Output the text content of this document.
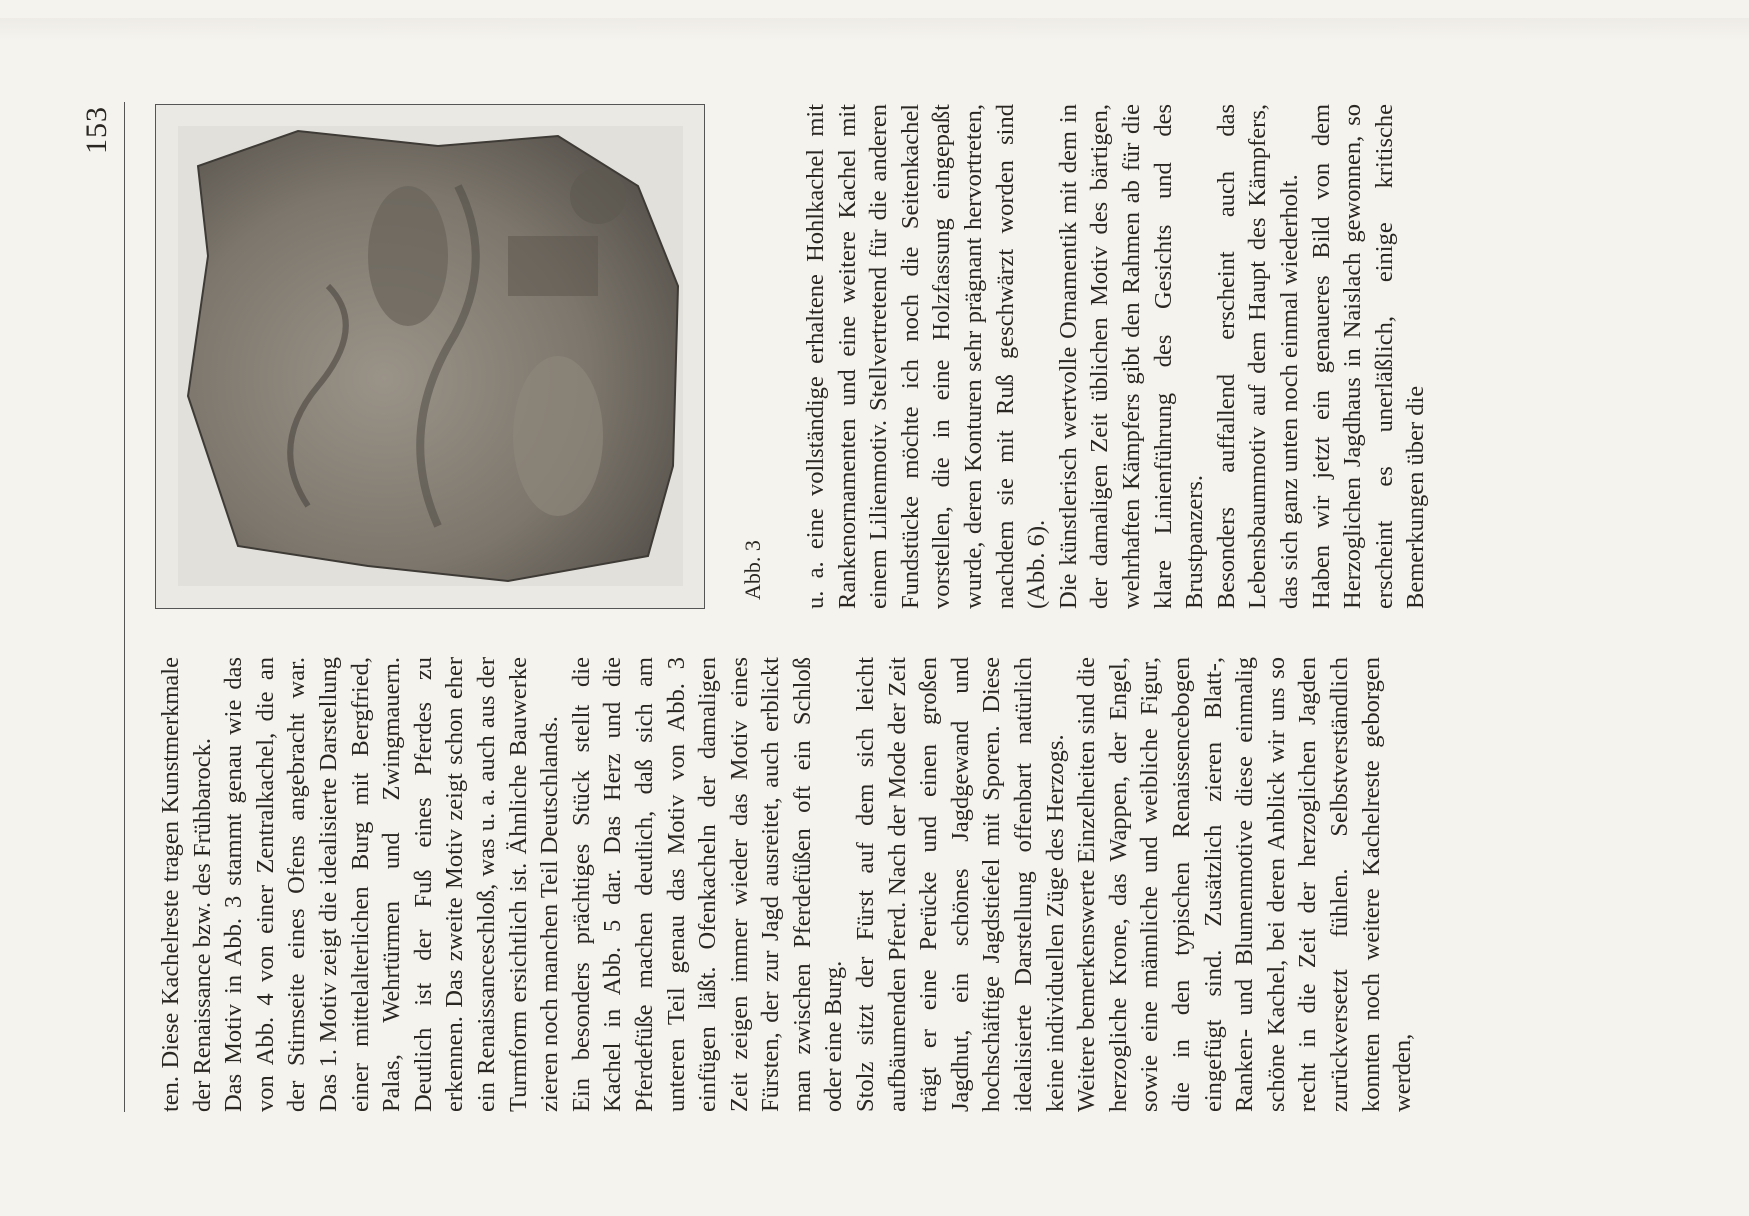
153
Abb. 3

ten. Diese Kachelreste tragen Kunstmerkmale der Renaissance bzw. des Frühbarock. Das Motiv in Abb. 3 stammt genau wie das von Abb. 4 von einer Zentralkachel, die an der Stirnseite eines Ofens angebracht war. Das 1. Motiv zeigt die idealisierte Darstellung einer mittelalterlichen Burg mit Bergfried, Palas, Wehrtürmen und Zwingmauern. Deutlich ist der Fuß eines Pferdes zu erkennen. Das zweite Motiv zeigt schon eher ein Renaissanceschloß, was u. a. auch aus der Turmform ersichtlich ist. Ähnliche Bauwerke zieren noch manchen Teil Deutschlands. Ein besonders prächtiges Stück stellt die Kachel in Abb. 5 dar. Das Herz und die Pferdefüße machen deutlich, daß sich am unteren Teil genau das Motiv von Abb. 3 einfügen läßt. Ofenkacheln der damaligen Zeit zeigen immer wieder das Motiv eines Fürsten, der zur Jagd ausreitet, auch erblickt man zwischen Pferdefüßen oft ein Schloß oder eine Burg. Stolz sitzt der Fürst auf dem sich leicht aufbäumenden Pferd. Nach der Mode der Zeit trägt er eine Perücke und einen großen Jagdhut, ein schönes Jagdgewand und hochschäftige Jagdstiefel mit Sporen. Diese idealisierte Darstellung offenbart natürlich keine individuellen Züge des Herzogs. Weitere bemerkenswerte Einzelheiten sind die herzogliche Krone, das Wappen, der Engel, sowie eine männliche und weibliche Figur, die in den typischen Renaissencebogen eingefügt sind. Zusätzlich zieren Blatt-, Ranken- und Blumenmotive diese einmalig schöne Kachel, bei deren Anblick wir uns so recht in die Zeit der herzoglichen Jagden zurückversetzt fühlen. Selbstverständlich konnten noch weitere Kachelreste geborgen werden,

u. a. eine vollständige erhaltene Hohlkachel mit Rankenornamenten und eine weitere Kachel mit einem Lilienmotiv. Stellvertretend für die anderen Fundstücke möchte ich noch die Seitenkachel vorstellen, die in eine Holzfassung eingepaßt wurde, deren Konturen sehr prägnant hervortreten, nachdem sie mit Ruß geschwärzt worden sind (Abb. 6). Die künstlerisch wertvolle Ornamentik mit dem in der damaligen Zeit üblichen Motiv des bärtigen, wehrhaften Kämpfers gibt den Rahmen ab für die klare Linienführung des Gesichts und des Brustpanzers. Besonders auffallend erscheint auch das Lebensbaummotiv auf dem Haupt des Kämpfers, das sich ganz unten noch einmal wiederholt. Haben wir jetzt ein genaueres Bild von dem Herzoglichen Jagdhaus in Naislach gewonnen, so erscheint es unerläßlich, einige kritische Bemerkungen über die
